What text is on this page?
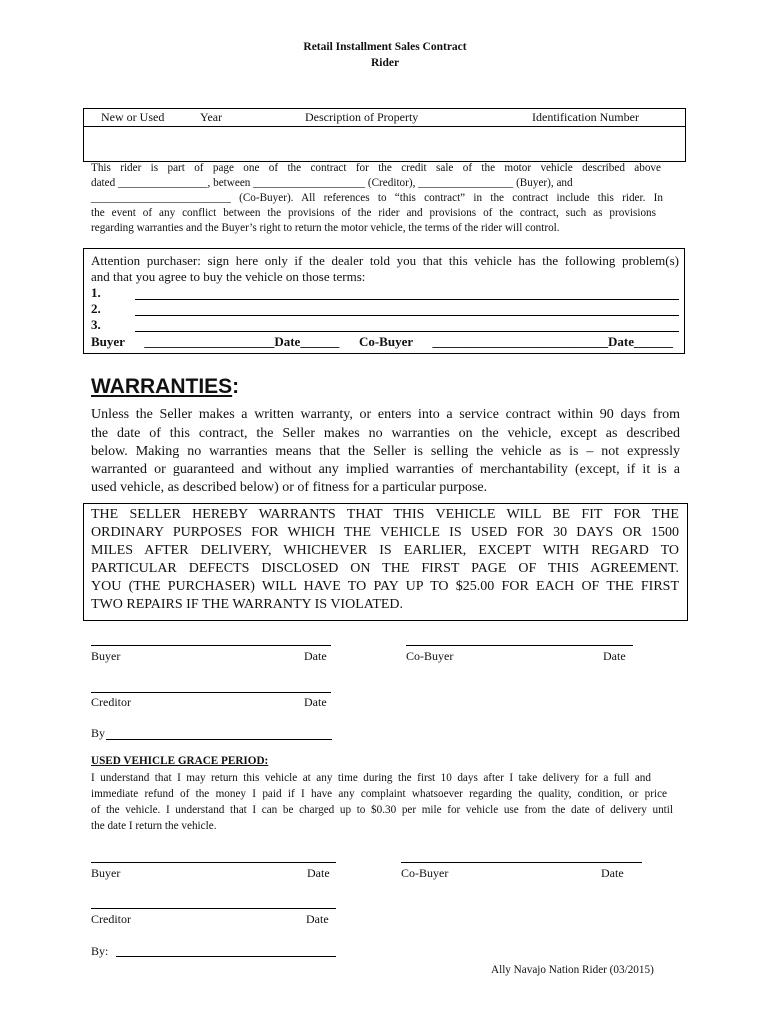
Retail Installment Sales Contract
Rider
New or Used	Year	Description of Property	Identification Number
This rider is part of page one of the contract for the credit sale of the motor vehicle described above
dated ________________, between ____________________ (Creditor), _________________ (Buyer), and
_________________________ (Co-Buyer). All references to “this contract” in the contract include this rider. In
the event of any conflict between the provisions of the rider and provisions of the contract, such as provisions
regarding warranties and the Buyer’s right to return the motor vehicle, the terms of the rider will control.
Attention purchaser: sign here only if the dealer told you that this vehicle has the following problem(s)
and that you agree to buy the vehicle on those terms:
1.
2.
3.
Buyer ____________________Date______ Co-Buyer ___________________________Date______
WARRANTIES:
Unless the Seller makes a written warranty, or enters into a service contract within 90 days from
the date of this contract, the Seller makes no warranties on the vehicle, except as described
below. Making no warranties means that the Seller is selling the vehicle as is – not expressly
warranted or guaranteed and without any implied warranties of merchantability (except, if it is a
used vehicle, as described below) or of fitness for a particular purpose.
THE SELLER HEREBY WARRANTS THAT THIS VEHICLE WILL BE FIT FOR THE
ORDINARY PURPOSES FOR WHICH THE VEHICLE IS USED FOR 30 DAYS OR 1500
MILES AFTER DELIVERY, WHICHEVER IS EARLIER, EXCEPT WITH REGARD TO
PARTICULAR DEFECTS DISCLOSED ON THE FIRST PAGE OF THIS AGREEMENT.
YOU (THE PURCHASER) WILL HAVE TO PAY UP TO $25.00 FOR EACH OF THE FIRST
TWO REPAIRS IF THE WARRANTY IS VIOLATED.
Buyer	Date	Co-Buyer	Date
Creditor	Date
By
USED VEHICLE GRACE PERIOD:
I understand that I may return this vehicle at any time during the first 10 days after I take delivery for a full and
immediate refund of the money I paid if I have any complaint whatsoever regarding the quality, condition, or price
of the vehicle. I understand that I can be charged up to $0.30 per mile for vehicle use from the date of delivery until
the date I return the vehicle.
Buyer	Date	Co-Buyer	Date
Creditor	Date
By:
Ally Navajo Nation Rider (03/2015)
